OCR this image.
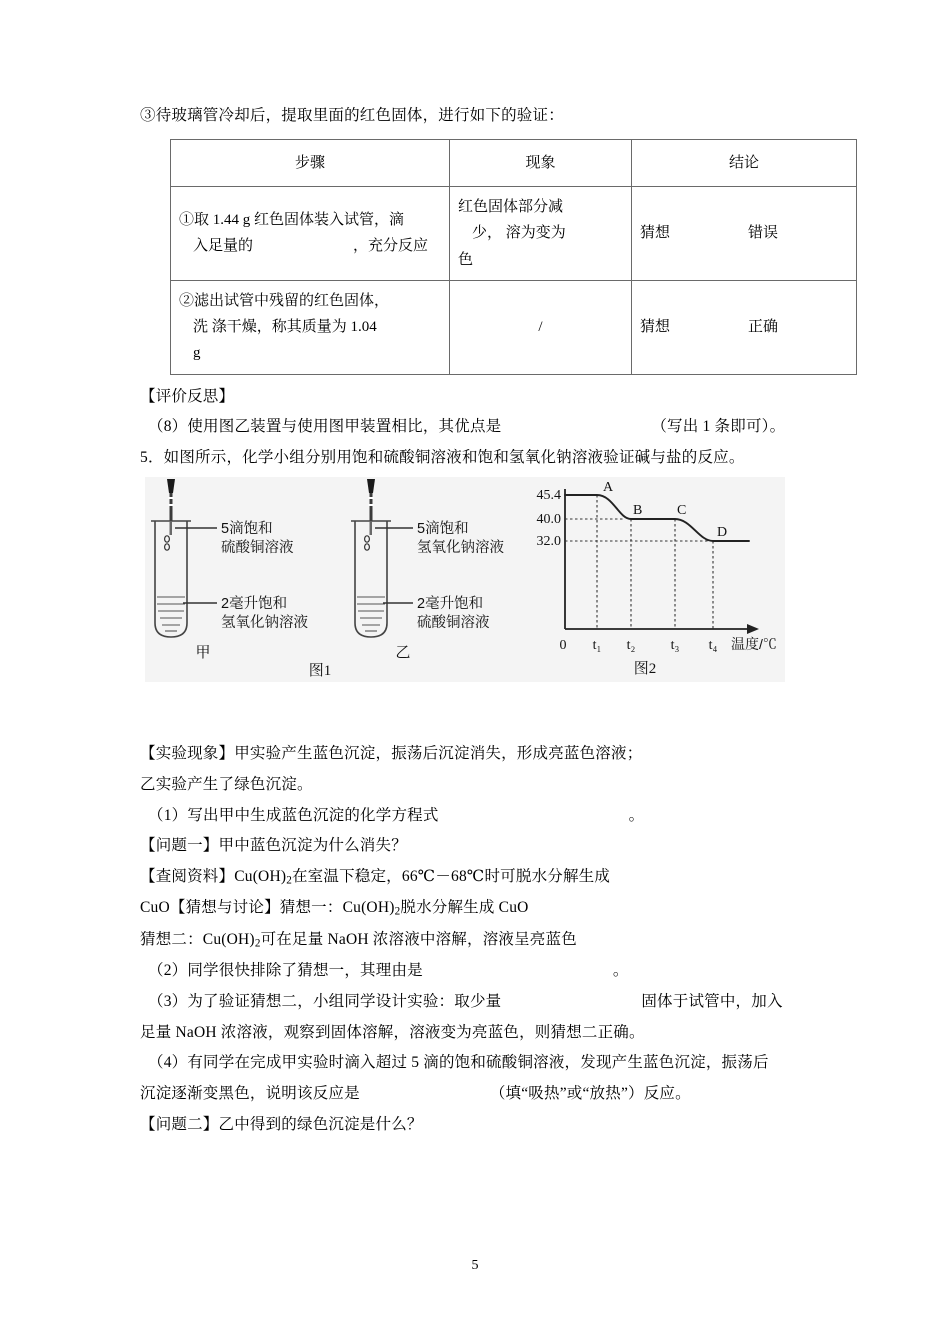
③待玻璃管冷却后，提取里面的红色固体，进行如下的验证：

步骤	现象	结论
①取 1.44 g 红色固体装入试管，滴
入足量的 ，充分反应	红色固体部分减
少， 溶为变为
色	猜想 错误
②滤出试管中残留的红色固体，
洗 涤干燥，称其质量为 1.04
g	/	猜想 正确

【评价反思】

（8）使用图乙装置与使用图甲装置相比，其优点是	（写出 1 条即可）。

5．如图所示，化学小组分别用饱和硫酸铜溶液和饱和氢氧化钠溶液验证碱与盐的反应。

5滴饱和
硫酸铜溶液
2毫升饱和
氢氧化钠溶液
甲
5滴饱和
氢氧化钠溶液
2毫升饱和
硫酸铜溶液
乙
图1
45.4
40.0
32.0
A
B C
D
0 t₁ t₂	t₃ t₄ 温度/℃
图2

【实验现象】甲实验产生蓝色沉淀，振荡后沉淀消失，形成亮蓝色溶液；

乙实验产生了绿色沉淀。

（1）写出甲中生成蓝色沉淀的化学方程式	。

【问题一】甲中蓝色沉淀为什么消失？

【查阅资料】$Cu(OH)_2$在室温下稳定，66℃－68℃时可脱水分解生成

CuO【猜想与讨论】猜想一：$Cu(OH)_2$脱水分解生成 CuO

猜想二：$Cu(OH)_2$可在足量 NaOH 浓溶液中溶解，溶液呈亮蓝色

（2）同学很快排除了猜想一，其理由是	。

（3）为了验证猜想二，小组同学设计实验：取少量	固体于试管中，加入

足量 NaOH 浓溶液，观察到固体溶解，溶液变为亮蓝色，则猜想二正确。

（4）有同学在完成甲实验时滴入超过 5 滴的饱和硫酸铜溶液，发现产生蓝色沉淀，振荡后

沉淀逐渐变黑色，说明该反应是	（填“吸热”或“放热”）反应。

【问题二】乙中得到的绿色沉淀是什么？

5
